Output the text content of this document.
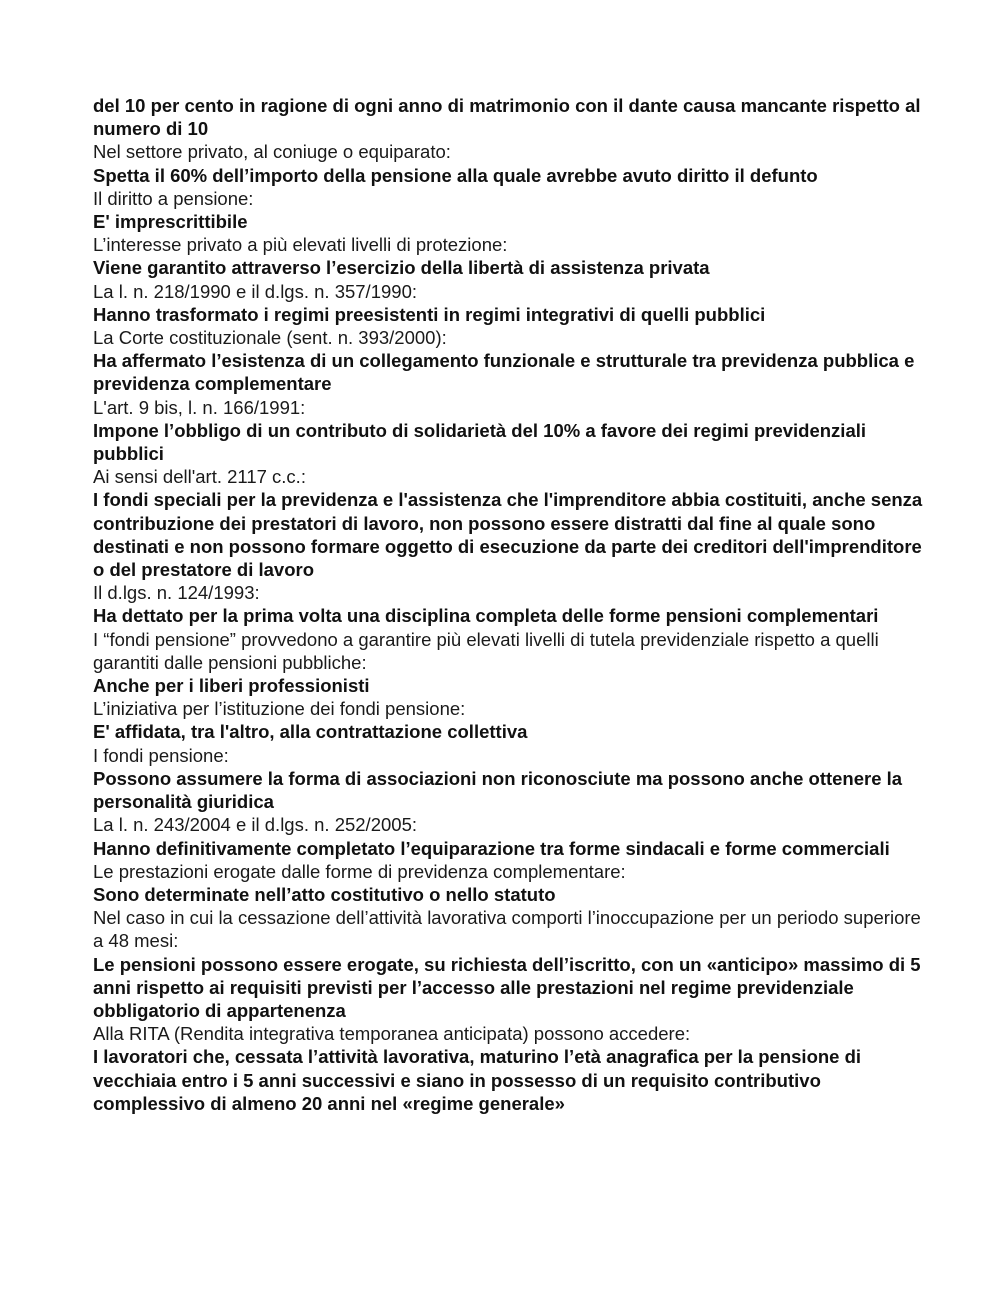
del 10 per cento in ragione di ogni anno di matrimonio con il dante causa mancante rispetto al numero di 10

Nel settore privato, al coniuge o equiparato:

Spetta il 60% dell’importo della pensione alla quale avrebbe avuto diritto il defunto

Il diritto a pensione:

E' imprescrittibile

L’interesse privato a più elevati livelli di protezione:

Viene garantito attraverso l’esercizio della libertà di assistenza privata

La l. n. 218/1990 e il d.lgs. n. 357/1990:

Hanno trasformato i regimi preesistenti in regimi integrativi di quelli pubblici

La Corte costituzionale (sent. n. 393/2000):

Ha affermato l’esistenza di un collegamento funzionale e strutturale tra previdenza pubblica e previdenza complementare

L'art. 9 bis, l. n. 166/1991:

Impone l’obbligo di un contributo di solidarietà del 10% a favore dei regimi previdenziali pubblici

Ai sensi dell'art. 2117 c.c.:

I fondi speciali per la previdenza e l'assistenza che l'imprenditore abbia costituiti, anche senza contribuzione dei prestatori di lavoro, non possono essere distratti dal fine al quale sono destinati e non possono formare oggetto di esecuzione da parte dei creditori dell'imprenditore o del prestatore di lavoro

Il d.lgs. n. 124/1993:

Ha dettato per la prima volta una disciplina completa delle forme pensioni complementari

I “fondi pensione” provvedono a garantire più elevati livelli di tutela previdenziale rispetto a quelli garantiti dalle pensioni pubbliche:

Anche per i liberi professionisti

L’iniziativa per l’istituzione dei fondi pensione:

E' affidata, tra l'altro, alla contrattazione collettiva

I fondi pensione:

Possono assumere la forma di associazioni non riconosciute ma possono anche ottenere la personalità giuridica

La l. n. 243/2004 e il d.lgs. n. 252/2005:

Hanno definitivamente completato l’equiparazione tra forme sindacali e forme commerciali

Le prestazioni erogate dalle forme di previdenza complementare:

Sono determinate nell’atto costitutivo o nello statuto

Nel caso in cui la cessazione dell’attività lavorativa comporti l’inoccupazione per un periodo superiore a 48 mesi:

Le pensioni possono essere erogate, su richiesta dell’iscritto, con un «anticipo» massimo di 5 anni rispetto ai requisiti previsti per l’accesso alle prestazioni nel regime previdenziale obbligatorio di appartenenza

Alla RITA (Rendita integrativa temporanea anticipata) possono accedere:

I lavoratori che, cessata l’attività lavorativa, maturino l’età anagrafica per la pensione di vecchiaia entro i 5 anni successivi e siano in possesso di un requisito contributivo complessivo di almeno 20 anni nel «regime generale»
